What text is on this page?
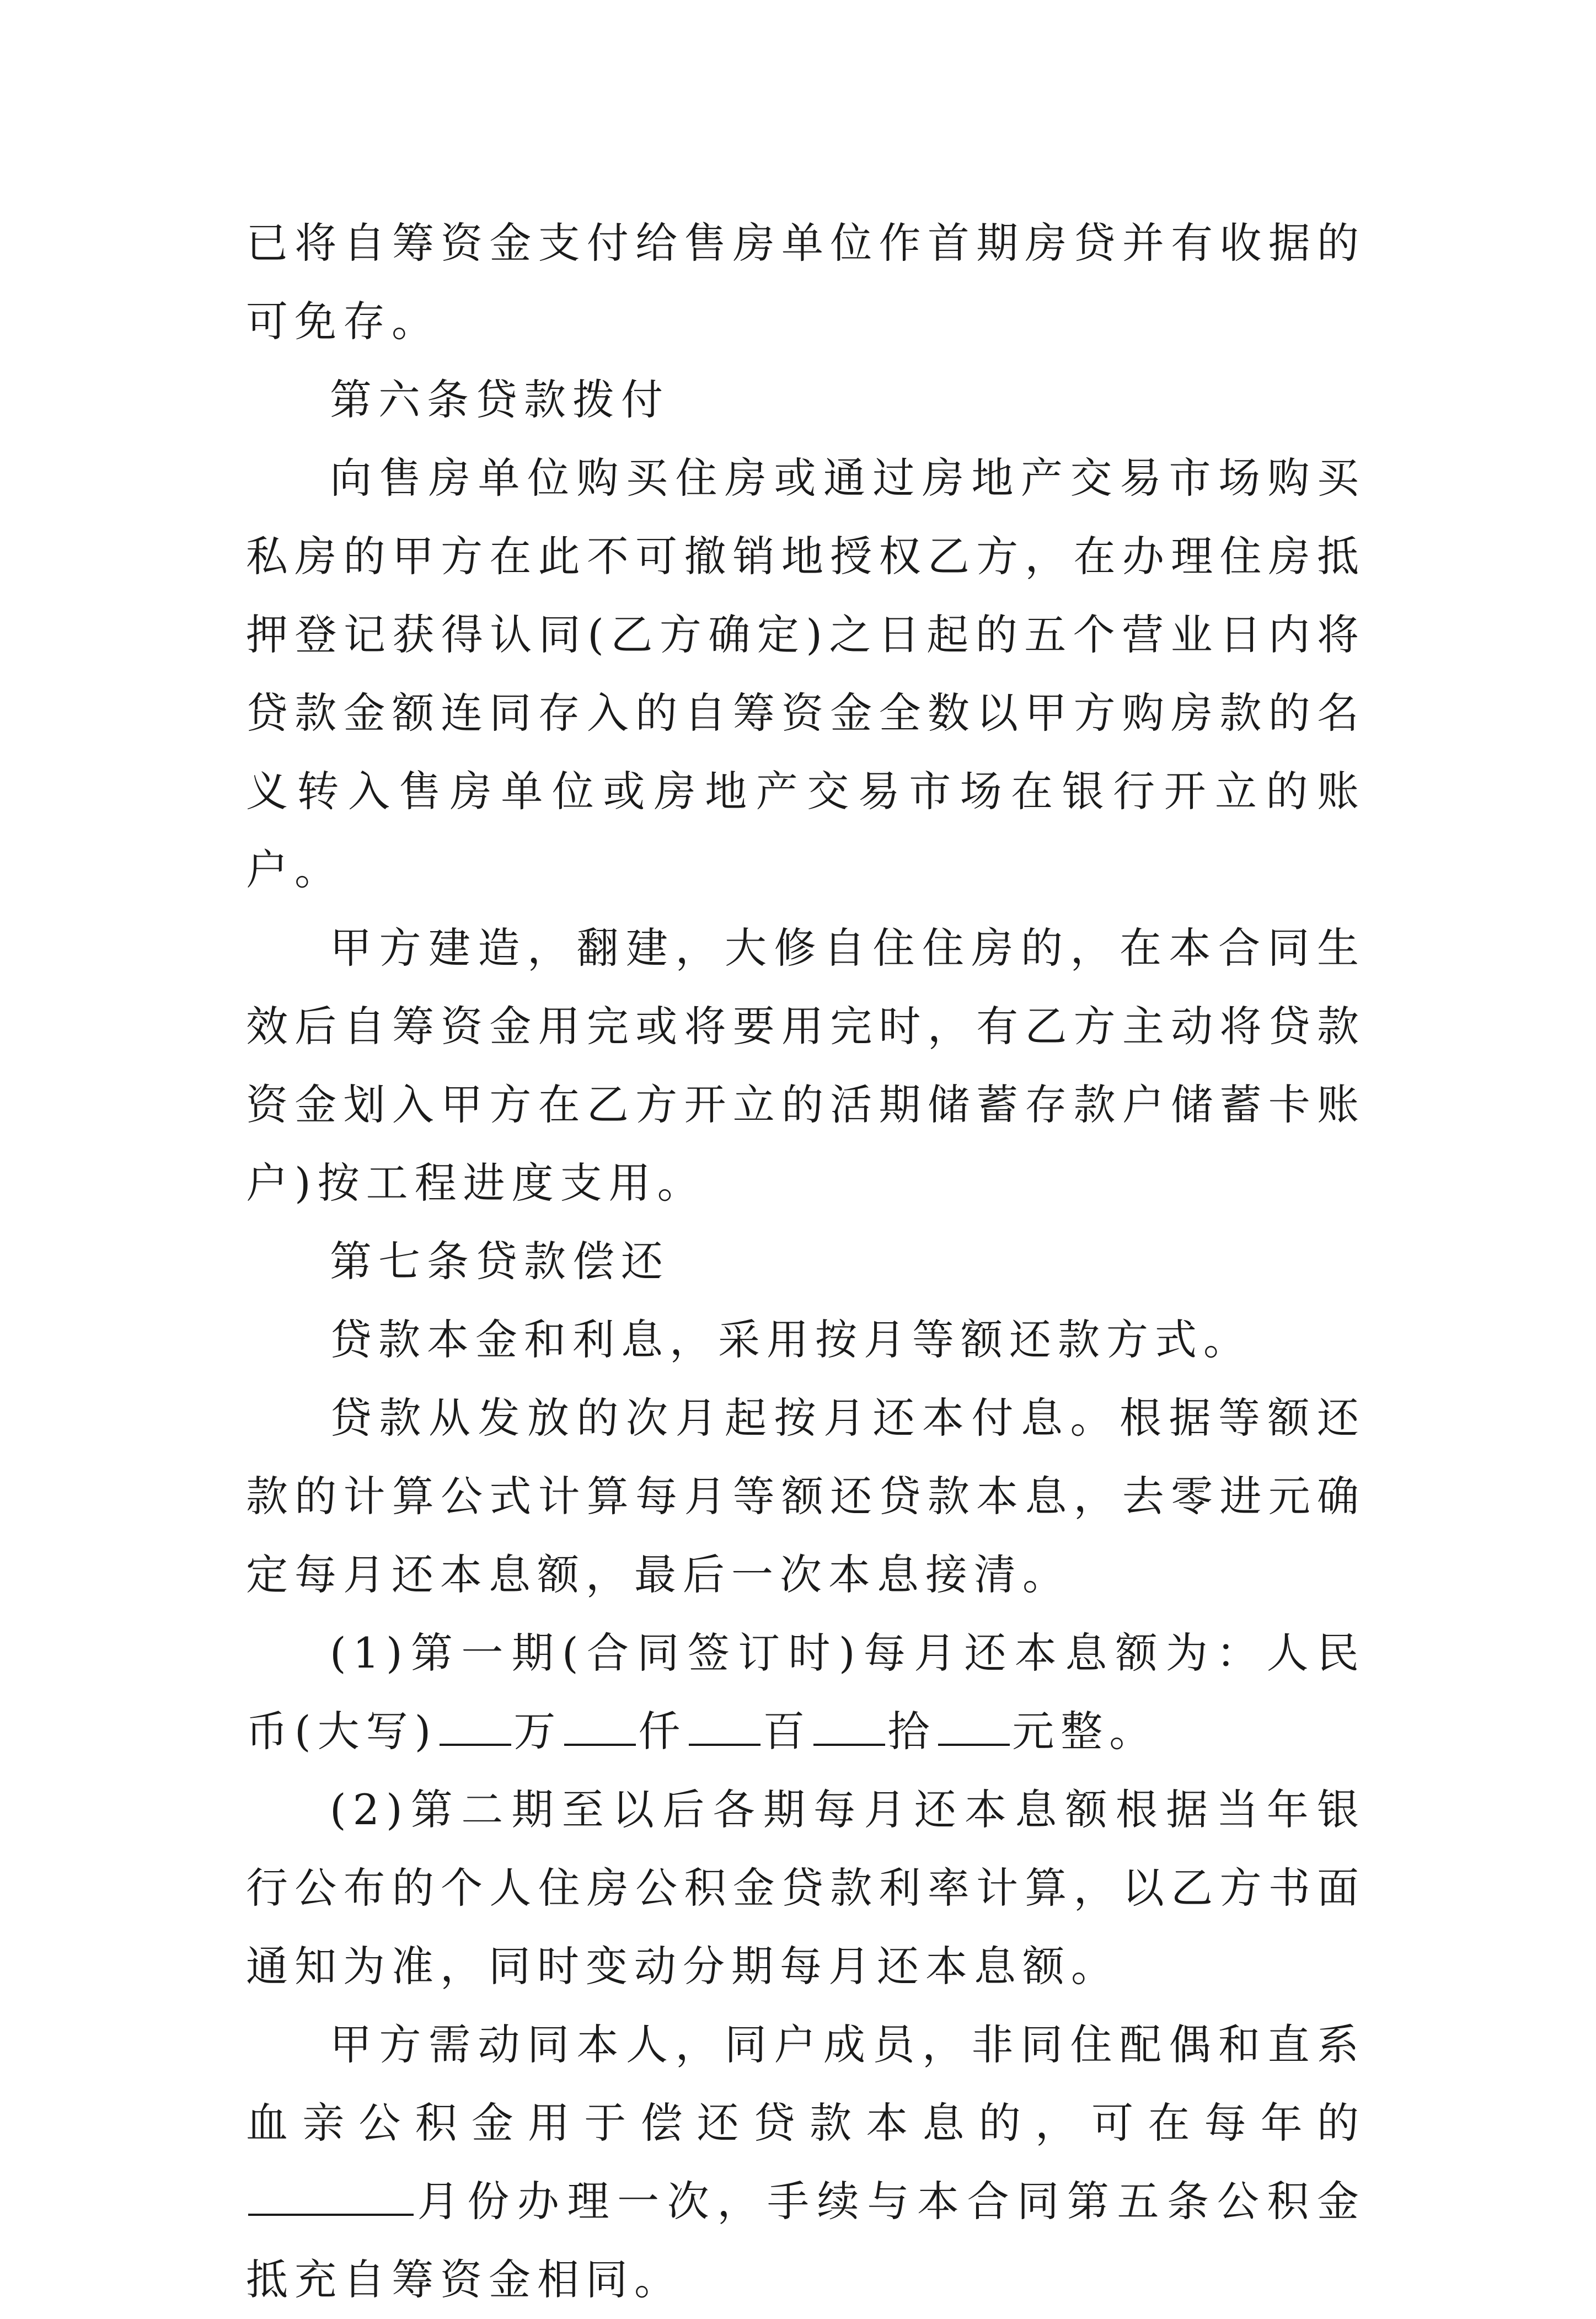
已将自筹资金支付给售房单位作首期房贷并有收据的可免存。

第六条贷款拨付

向售房单位购买住房或通过房地产交易市场购买私房的甲方在此不可撤销地授权乙方，在办理住房抵押登记获得认同(乙方确定)之日起的五个营业日内将贷款金额连同存入的自筹资金全数以甲方购房款的名义转入售房单位或房地产交易市场在银行开立的账户。

甲方建造，翻建，大修自住住房的，在本合同生效后自筹资金用完或将要用完时，有乙方主动将贷款资金划入甲方在乙方开立的活期储蓄存款户储蓄卡账户)按工程进度支用。

第七条贷款偿还

贷款本金和利息，采用按月等额还款方式。

贷款从发放的次月起按月还本付息。根据等额还款的计算公式计算每月等额还贷款本息，去零进元确定每月还本息额，最后一次本息接清。

(1)第一期(合同签订时)每月还本息额为：人民币(大写) 万 仟 百 拾 元整。

(2)第二期至以后各期每月还本息额根据当年银行公布的个人住房公积金贷款利率计算，以乙方书面通知为准，同时变动分期每月还本息额。

甲方需动同本人，同户成员，非同住配偶和直系血亲公积金用于偿还贷款本息的，可在每年的月份办理一次，手续与本合同第五条公积金抵充自筹资金相同。
